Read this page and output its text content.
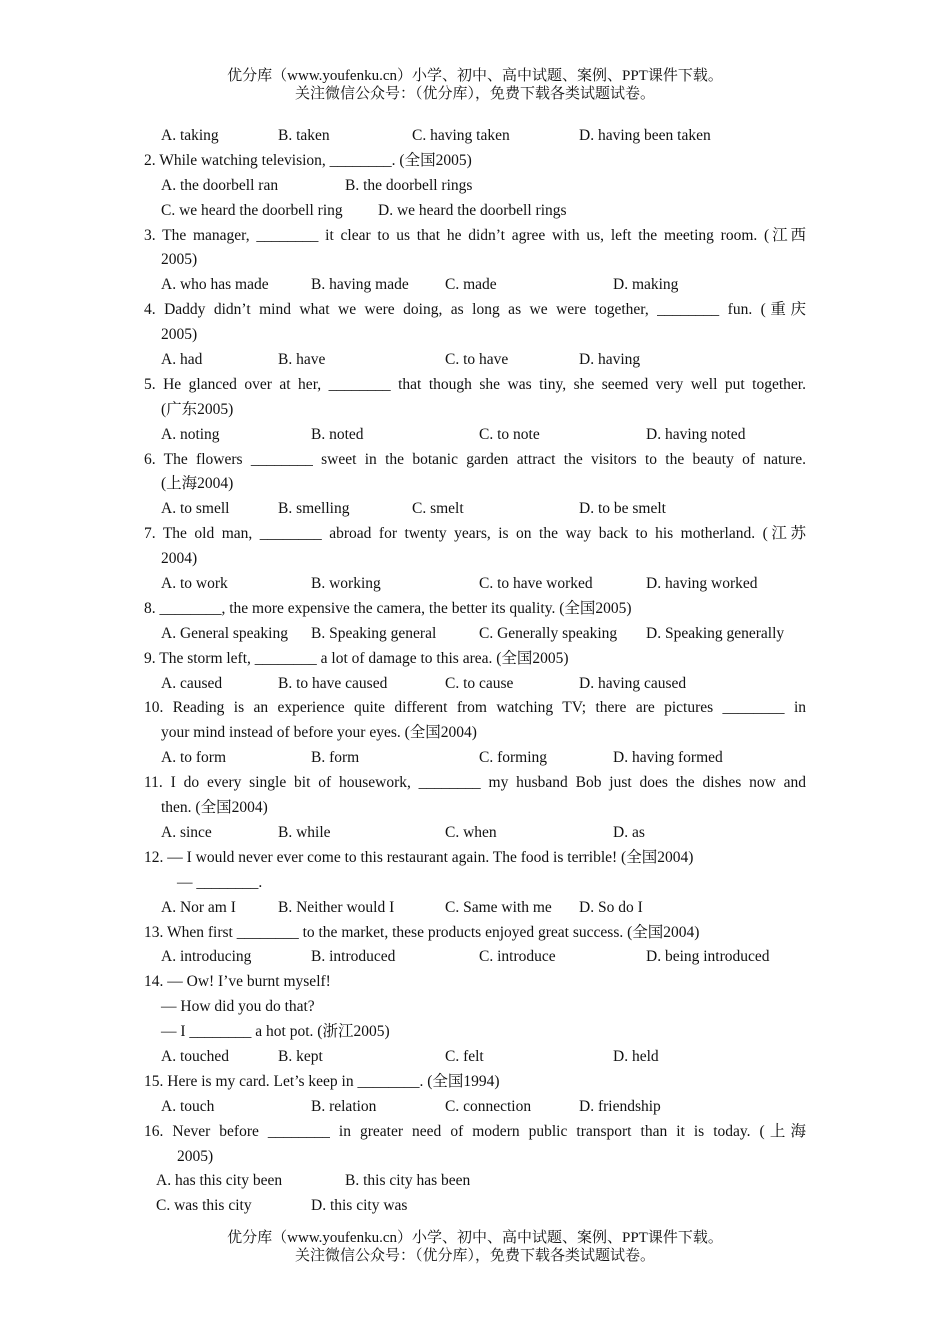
优分库（www.youfenku.cn）小学、初中、高中试题、案例、PPT课件下载。
关注微信公众号：（优分库），免费下载各类试题试卷。
A. taking	B. taken	C. having taken	D. having been taken
2. While watching television, ________. (全国2005)
A. the doorbell ran	B. the doorbell rings
C. we heard the doorbell ring D. we heard the doorbell rings
3. The manager, ________ it clear to us that he didn’t agree with us, left the meeting room. (江西
2005)
A. who has made	B. having made C. made	D. making
4. Daddy didn’t mind what we were doing, as long as we were together, ________ fun. (重庆
2005)
A. had	B. have	C. to have	D. having
5. He glanced over at her, ________ that though she was tiny, she seemed very well put together.
(广东2005)
A. noting	B. noted	C. to note	D. having noted
6. The flowers ________ sweet in the botanic garden attract the visitors to the beauty of nature.
(上海2004)
A. to smell	B. smelling	C. smelt	D. to be smelt
7. The old man, ________ abroad for twenty years, is on the way back to his motherland. (江苏
2004)
A. to work	B. working	C. to have worked	D. having worked
8. ________, the more expensive the camera, the better its quality. (全国2005)
A. General speaking B. Speaking general	C. Generally speaking D. Speaking generally
9. The storm left, ________ a lot of damage to this area. (全国2005)
A. caused	B. to have caused	C. to cause	D. having caused
10. Reading is an experience quite different from watching TV; there are pictures ________ in
your mind instead of before your eyes. (全国2004)
A. to form	B. form	C. forming	D. having formed
11. I do every single bit of housework, ________ my husband Bob just does the dishes now and
then. (全国2004)
A. since	B. while	C. when	D. as
12. — I would never ever come to this restaurant again. The food is terrible! (全国2004)
— ________.
A. Nor am I	B. Neither would I	C. Same with me D. So do I
13. When first ________ to the market, these products enjoyed great success. (全国2004)
A. introducing	B. introduced	C. introduce	D. being introduced
14. — Ow! I’ve burnt myself!
— How did you do that?
— I ________ a hot pot. (浙江2005)
A. touched	B. kept	C. felt	D. held
15. Here is my card. Let’s keep in ________. (全国1994)
A. touch	B. relation	C. connection	D. friendship
16. Never before ________ in greater need of modern public transport than it is today. (上海
2005)
A. has this city been	B. this city has been
C. was this city	D. this city was
优分库（www.youfenku.cn）小学、初中、高中试题、案例、PPT课件下载。
关注微信公众号：（优分库），免费下载各类试题试卷。
